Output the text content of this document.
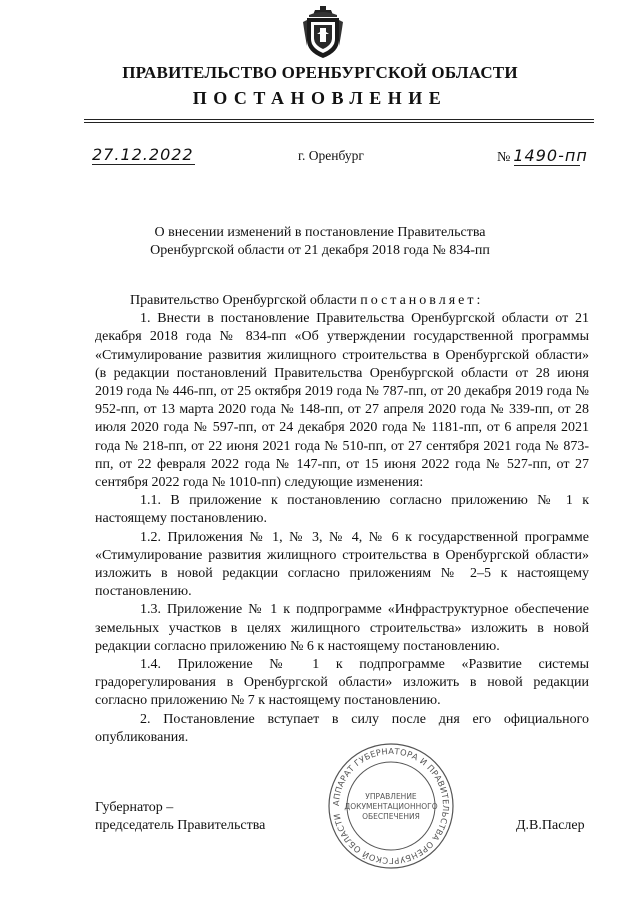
ПРАВИТЕЛЬСТВО ОРЕНБУРГСКОЙ ОБЛАСТИ
ПОСТАНОВЛЕНИЕ
27.12.2022	г. Оренбург	№ 1490-пп
О внесении изменений в постановление Правительства
Оренбургской области от 21 декабря 2018 года № 834-пп

Правительство Оренбургской области постановляет:

1. Внести в постановление Правительства Оренбургской области от 21 декабря 2018 года № 834-пп «Об утверждении государственной программы «Стимулирование развития жилищного строительства в Оренбургской области» (в редакции постановлений Правительства Оренбургской области от 28 июня 2019 года № 446-пп, от 25 октября 2019 года № 787-пп, от 20 декабря 2019 года № 952-пп, от 13 марта 2020 года № 148-пп, от 27 апреля 2020 года № 339-пп, от 28 июля 2020 года № 597-пп, от 24 декабря 2020 года № 1181-пп, от 6 апреля 2021 года № 218-пп, от 22 июня 2021 года № 510-пп, от 27 сентября 2021 года № 873-пп, от 22 февраля 2022 года № 147-пп, от 15 июня 2022 года № 527-пп, от 27 сентября 2022 года № 1010-пп) следующие изменения:

1.1. В приложение к постановлению согласно приложению № 1 к настоящему постановлению.

1.2. Приложения № 1, № 3, № 4, № 6 к государственной программе «Стимулирование развития жилищного строительства в Оренбургской области» изложить в новой редакции согласно приложениям № 2–5 к настоящему постановлению.

1.3. Приложение № 1 к подпрограмме «Инфраструктурное обеспечение земельных участков в целях жилищного строительства» изложить в новой редакции согласно приложению № 6 к настоящему постановлению.

1.4. Приложение № 1 к подпрограмме «Развитие системы градорегулирования в Оренбургской области» изложить в новой редакции согласно приложению № 7 к настоящему постановлению.

2. Постановление вступает в силу после дня его официального опубликования.

Губернатор –
председатель Правительства	Д.В.Паслер
АППАРАТ ГУБЕРНАТОРА И ПРАВИТЕЛЬСТВА ОРЕНБУРГСКОЙ ОБЛАСТИ
УПРАВЛЕНИЕ
ДОКУМЕНТАЦИОННОГО
ОБЕСПЕЧЕНИЯ
